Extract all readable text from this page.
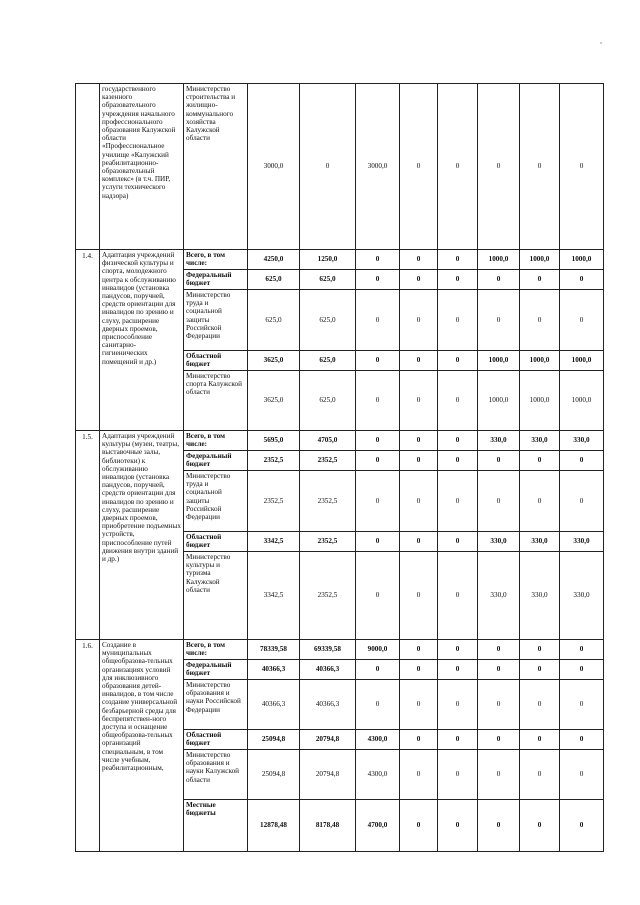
	государственного казенного образовательного учреждения начального профессионального образования Калужской области «Профессиональное училище «Калужский реабилитационно-образовательный комплекс» (в т.ч. ПИР, услуги технического надзора)	Министерство строительства и жилищно-коммунального хозяйства Калужской области	3000,0	0	3000,0	0	0	0	0	0
1.4.	Адаптация учреждений физической культуры и спорта, молодежного центра к обслуживанию инвалидов (установка пандусов, поручней, средств ориентации для инвалидов по зрению и слуху, расширение дверных проемов, приспособление санитарно-гигиенических помещений и др.)	Всего, в том числе:	4250,0	1250,0	0	0	0	1000,0	1000,0	1000,0
		Федеральный бюджет	625,0	625,0	0	0	0	0	0	0
		Министерство труда и социальной защиты Российской Федерации	625,0	625,0	0	0	0	0	0	0
		Областной бюджет	3625,0	625,0	0	0	0	1000,0	1000,0	1000,0
		Министерство спорта Калужской области	3625,0	625,0	0	0	0	1000,0	1000,0	1000,0
1.5.	Адаптация учреждений культуры (музеи, театры, выставочные залы, библиотеки) к обслуживанию инвалидов (установка пандусов, поручней, средств ориентации для инвалидов по зрению и слуху, расширение дверных проемов, приобретение подъемных устройств, приспособление путей движения внутри зданий и др.)	Всего, в том числе:	5695,0	4705,0	0	0	0	330,0	330,0	330,0
		Федеральный бюджет	2352,5	2352,5	0	0	0	0	0	0
		Министерство труда и социальной защиты Российской Федерации	2352,5	2352,5	0	0	0	0	0	0
		Областной бюджет	3342,5	2352,5	0	0	0	330,0	330,0	330,0
		Министерство культуры и туризма Калужской области	3342,5	2352,5	0	0	0	330,0	330,0	330,0
1.6.	Создание в муниципальных общеобразова-тельных организациях условий для инклюзивного образования детей-инвалидов, в том числе создание универсальной безбарьерной среды для беспрепятствен-ного доступа и оснащение общеобразова-тельных организаций специальным, в том числе учебным, реабилитационным,	Всего, в том числе:	78339,58	69339,58	9000,0	0	0	0	0	0
		Федеральный бюджет	40366,3	40366,3	0	0	0	0	0	0
		Министерство образования и науки Российской Федерации	40366,3	40366,3	0	0	0	0	0	0
		Областной бюджет	25094,8	20794,8	4300,0	0	0	0	0	0
		Министерство образования и науки Калужской области	25094,8	20794,8	4300,0	0	0	0	0	0
		Местные бюджеты	12878,48	8178,48	4700,0	0	0	0	0	0
